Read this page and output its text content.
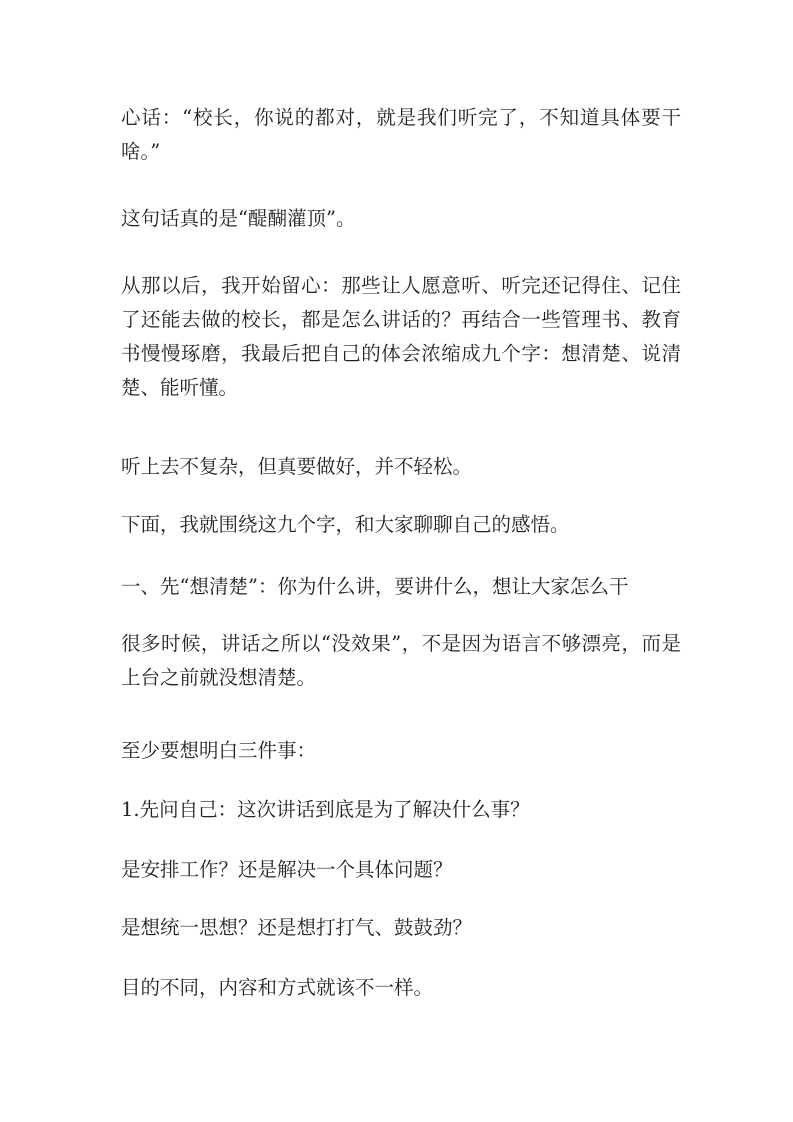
心话：“校长，你说的都对，就是我们听完了，不知道具体要干啥。”

这句话真的是“醍醐灌顶”。

从那以后，我开始留心：那些让人愿意听、听完还记得住、记住了还能去做的校长，都是怎么讲话的？再结合一些管理书、教育书慢慢琢磨，我最后把自己的体会浓缩成九个字：想清楚、说清楚、能听懂。

听上去不复杂，但真要做好，并不轻松。

下面，我就围绕这九个字，和大家聊聊自己的感悟。

一、先“想清楚”：你为什么讲，要讲什么，想让大家怎么干

很多时候，讲话之所以“没效果”，不是因为语言不够漂亮，而是上台之前就没想清楚。

至少要想明白三件事：

1.先问自己：这次讲话到底是为了解决什么事？

是安排工作？还是解决一个具体问题？

是想统一思想？还是想打打气、鼓鼓劲？

目的不同，内容和方式就该不一样。
